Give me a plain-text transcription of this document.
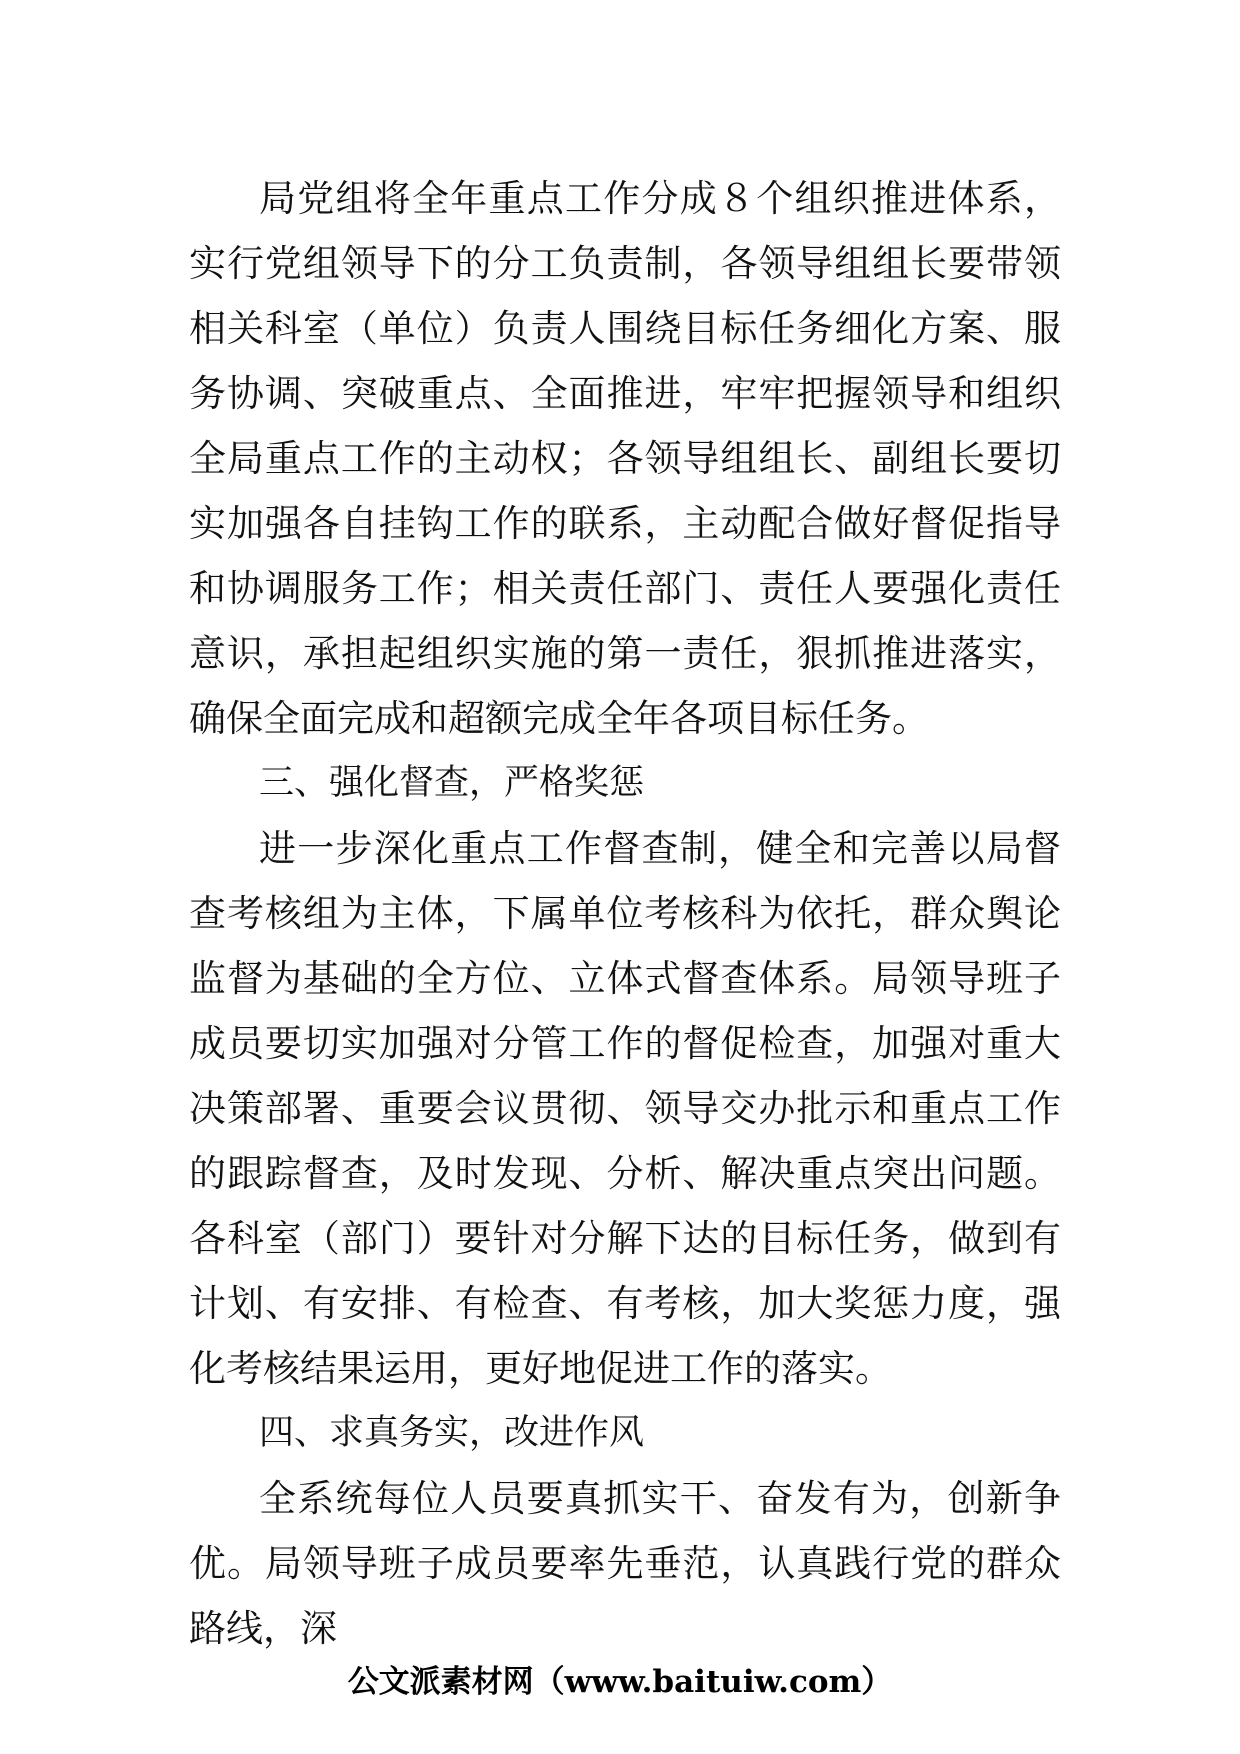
局党组将全年重点工作分成８个组织推进体系，实行党组领导下的分工负责制，各领导组组长要带领相关科室（单位）负责人围绕目标任务细化方案、服务协调、突破重点、全面推进，牢牢把握领导和组织全局重点工作的主动权；各领导组组长、副组长要切实加强各自挂钩工作的联系，主动配合做好督促指导和协调服务工作；相关责任部门、责任人要强化责任意识，承担起组织实施的第一责任，狠抓推进落实，确保全面完成和超额完成全年各项目标任务。

三、强化督查，严格奖惩

进一步深化重点工作督查制，健全和完善以局督查考核组为主体，下属单位考核科为依托，群众舆论监督为基础的全方位、立体式督查体系。局领导班子成员要切实加强对分管工作的督促检查，加强对重大决策部署、重要会议贯彻、领导交办批示和重点工作的跟踪督查，及时发现、分析、解决重点突出问题。各科室（部门）要针对分解下达的目标任务，做到有计划、有安排、有检查、有考核，加大奖惩力度，强化考核结果运用，更好地促进工作的落实。

四、求真务实，改进作风

全系统每位人员要真抓实干、奋发有为，创新争优。局领导班子成员要率先垂范，认真践行党的群众路线，深

公文派素材网（www.baituiw.com）
